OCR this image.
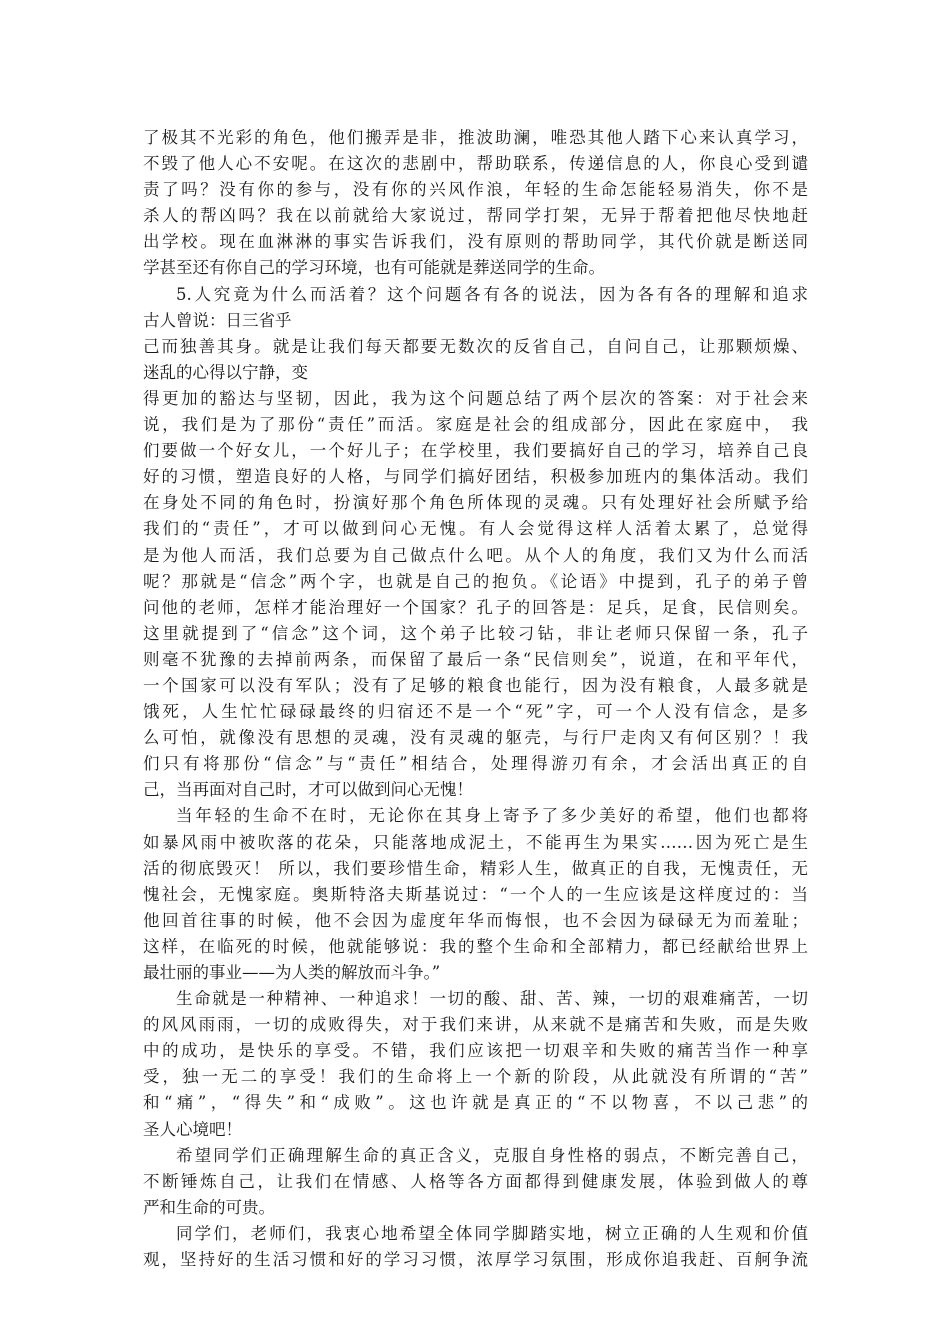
了极其不光彩的角色，他们搬弄是非，推波助澜，唯恐其他人踏下心来认真学习，
不毁了他人心不安呢。在这次的悲剧中，帮助联系，传递信息的人，你良心受到谴
责了吗？没有你的参与，没有你的兴风作浪，年轻的生命怎能轻易消失，你不是
杀人的帮凶吗？我在以前就给大家说过，帮同学打架，无异于帮着把他尽快地赶
出学校。现在血淋淋的事实告诉我们，没有原则的帮助同学，其代价就是断送同
学甚至还有你自己的学习环境，也有可能就是葬送同学的生命。
5.人究竟为什么而活着？这个问题各有各的说法，因为各有各的理解和追求
古人曾说：日三省乎
己而独善其身。就是让我们每天都要无数次的反省自己，自问自己，让那颗烦燥、
迷乱的心得以宁静，变
得更加的豁达与坚韧，因此，我为这个问题总结了两个层次的答案：对于社会来
说，我们是为了那份“责任”而活。家庭是社会的组成部分，因此在家庭中， 我
们要做一个好女儿，一个好儿子；在学校里，我们要搞好自己的学习，培养自己良
好的习惯，塑造良好的人格，与同学们搞好团结，积极参加班内的集体活动。我们
在身处不同的角色时，扮演好那个角色所体现的灵魂。只有处理好社会所赋予给
我们的“责任”，才可以做到问心无愧。有人会觉得这样人活着太累了，总觉得
是为他人而活，我们总要为自己做点什么吧。从个人的角度，我们又为什么而活
呢？那就是“信念”两个字，也就是自己的抱负。《论语》中提到，孔子的弟子曾
问他的老师，怎样才能治理好一个国家？孔子的回答是：足兵，足食，民信则矣。
这里就提到了“信念”这个词，这个弟子比较刁钻，非让老师只保留一条，孔子
则毫不犹豫的去掉前两条，而保留了最后一条“民信则矣”，说道，在和平年代，
一个国家可以没有军队；没有了足够的粮食也能行，因为没有粮食，人最多就是
饿死，人生忙忙碌碌最终的归宿还不是一个“死”字，可一个人没有信念，是多
么可怕，就像没有思想的灵魂，没有灵魂的躯壳，与行尸走肉又有何区别？！我
们只有将那份“信念”与“责任”相结合，处理得游刃有余，才会活出真正的自
己，当再面对自己时，才可以做到问心无愧！
当年轻的生命不在时，无论你在其身上寄予了多少美好的希望，他们也都将
如暴风雨中被吹落的花朵，只能落地成泥土，不能再生为果实……因为死亡是生
活的彻底毁灭！ 所以，我们要珍惜生命，精彩人生，做真正的自我，无愧责任，无
愧社会，无愧家庭。奥斯特洛夫斯基说过：“一个人的一生应该是这样度过的：当
他回首往事的时候，他不会因为虚度年华而悔恨，也不会因为碌碌无为而羞耻；
这样，在临死的时候，他就能够说：我的整个生命和全部精力，都已经献给世界上
最壮丽的事业——为人类的解放而斗争。”
生命就是一种精神、一种追求！一切的酸、甜、苦、辣，一切的艰难痛苦，一切
的风风雨雨，一切的成败得失，对于我们来讲，从来就不是痛苦和失败，而是失败
中的成功，是快乐的享受。不错，我们应该把一切艰辛和失败的痛苦当作一种享
受，独一无二的享受！我们的生命将上一个新的阶段，从此就没有所谓的“苦”
和“痛”，“得失”和“成败”。这也许就是真正的“不以物喜，不以己悲”的
圣人心境吧！
希望同学们正确理解生命的真正含义，克服自身性格的弱点，不断完善自己，
不断锤炼自己，让我们在情感、人格等各方面都得到健康发展，体验到做人的尊
严和生命的可贵。
同学们，老师们，我衷心地希望全体同学脚踏实地，树立正确的人生观和价值
观，坚持好的生活习惯和好的学习习惯，浓厚学习氛围，形成你追我赶、百舸争流
